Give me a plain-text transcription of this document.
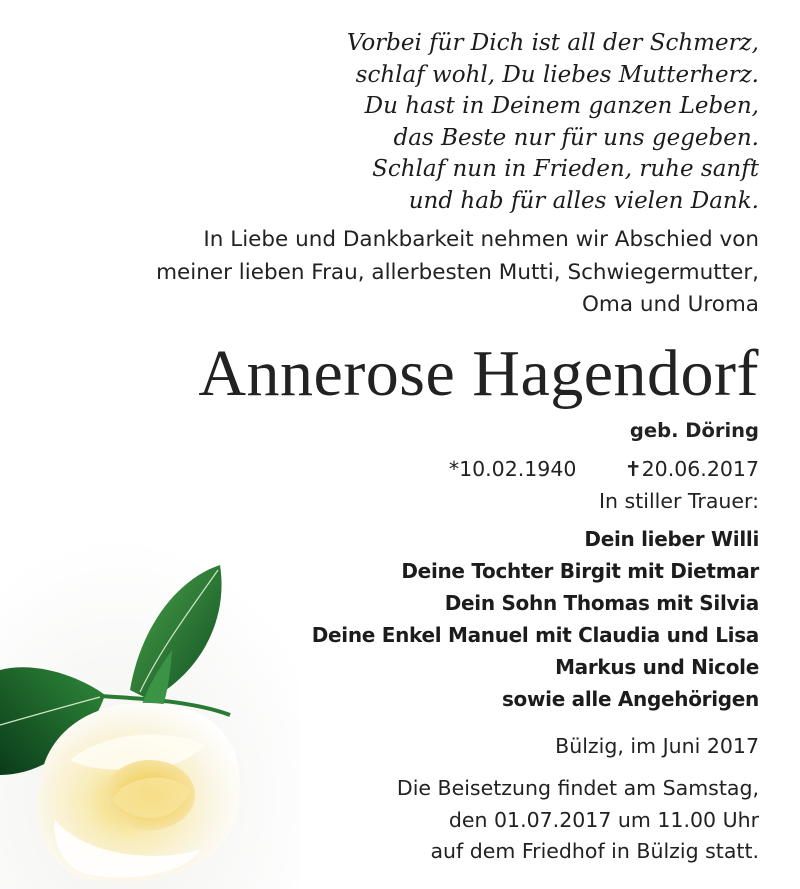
Vorbei für Dich ist all der Schmerz,
schlaf wohl, Du liebes Mutterherz.
Du hast in Deinem ganzen Leben,
das Beste nur für uns gegeben.
Schlaf nun in Frieden, ruhe sanft
und hab für alles vielen Dank.
In Liebe und Dankbarkeit nehmen wir Abschied von
meiner lieben Frau, allerbesten Mutti, Schwiegermutter,
Oma und Uroma
Annerose Hagendorf
geb. Döring
*10.02.1940 ✝20.06.2017
In stiller Trauer:
Dein lieber Willi
Deine Tochter Birgit mit Dietmar
Dein Sohn Thomas mit Silvia
Deine Enkel Manuel mit Claudia und Lisa
Markus und Nicole
sowie alle Angehörigen
Bülzig, im Juni 2017
Die Beisetzung findet am Samstag,
den 01.07.2017 um 11.00 Uhr
auf dem Friedhof in Bülzig statt.
